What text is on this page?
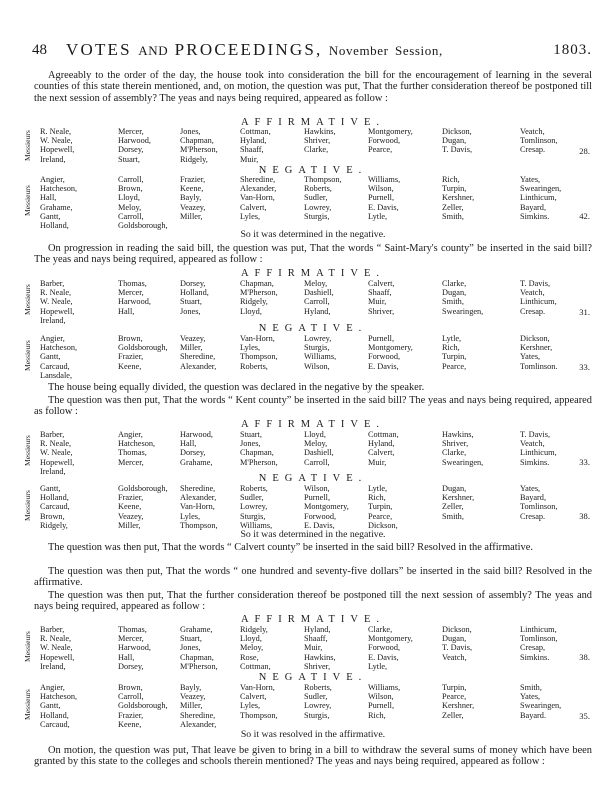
48 VOTES AND PROCEEDINGS, November Session,	1803.

Agreeably to the order of the day, the house took into consideration the bill for the encouragement of learning in the several counties of this state therein mentioned, and, on motion, the question was put, That the further consideration thereof be postponed till the next session of assembly? The yeas and nays being required, appeared as follow :

AFFIRMATIVE.
Messieurs R. Neale,	Mercer,	Jones,	Cottman,	Hawkins,	Montgomery,	Dickson,	Veatch,
W. Neale,	Harwood,	Chapman,	Hyland,	Shriver,	Forwood,	Dugan,	Tomlinson,
Hopewell,	Dorsey,	M'Pherson,	Shaaff,	Clarke,	Pearce,	T. Davis,	Cresap.
Ireland,	Stuart,	Ridgely,	Muir,
28.
NEGATIVE.
Messieurs
Angier,	Carroll,	Frazier,	Sheredine,	Thompson,	Williams,	Rich,	Yates,
Hatcheson,	Brown,	Keene,	Alexander,	Roberts,	Wilson,	Turpin,	Swearingen,
Hall,	Lloyd,	Bayly,	Van-Horn,	Sudler,	Purnell,	Kershner,	Linthicum,
Grahame,	Meloy,	Veazey,	Calvert,	Lowrey,	E. Davis,	Zeller,	Bayard,
Gantt,	Carroll,	Miller,	Lyles,	Sturgis,	Lytle,	Smith,	Simkins.
Holland,	Goldsborough,
42.
So it was determined in the negative.

On progression in reading the said bill, the question was put, That the words “ Saint-Mary's county” be inserted in the said bill? The yeas and nays being required, appeared as follow :

AFFIRMATIVE.
Messieurs
Barber,	Thomas,	Dorsey,	Chapman,	Meloy,	Calvert,	Clarke,	T. Davis,
R. Neale,	Mercer,	Holland,	M'Pherson,	Dashiell,	Shaaff,	Dugan,	Veatch,
W. Neale,	Harwood,	Stuart,	Ridgely,	Carroll,	Muir,	Smith,	Linthicum,
Hopewell,	Hall,	Jones,	Lloyd,	Hyland,	Shriver,	Swearingen,	Cresap.
Ireland,
31.
NEGATIVE.
Messieurs
Angier,	Brown,	Veazey,	Van-Horn,	Lowrey,	Purnell,	Lytle,	Dickson,
Hatcheson,	Goldsborough,	Miller,	Lyles,	Sturgis,	Montgomery,	Rich,	Kershner,
Gantt,	Frazier,	Sheredine,	Thompson,	Williams,	Forwood,	Turpin,	Yates,
Carcaud,	Keene,	Alexander,	Roberts,	Wilson,	E. Davis,	Pearce,	Tomlinson.
Lansdale,
33.

The house being equally divided, the question was declared in the negative by the speaker.

The question was then put, That the words “ Kent county” be inserted in the said bill? The yeas and nays being required, appeared as follow :

AFFIRMATIVE.
Messieurs
Barber,	Angier,	Harwood,	Stuart,	Lloyd,	Cottman,	Hawkins,	T. Davis,
R. Neale,	Hatcheson,	Hall,	Jones,	Meloy,	Hyland,	Shriver,	Veatch,
W. Neale,	Thomas,	Dorsey,	Chapman,	Dashiell,	Calvert,	Clarke,	Linthicum,
Hopewell,	Mercer,	Grahame,	M'Pherson,	Carroll,	Muir,	Swearingen,	Simkins.
Ireland,
33.
NEGATIVE.
Messieurs
Gantt,	Goldsborough,	Sheredine,	Roberts,	Wilson,	Lytle,	Dugan,	Yates,
Holland,	Frazier,	Alexander,	Sudler,	Purnell,	Rich,	Kershner,	Bayard,
Carcaud,	Keene,	Van-Horn,	Lowrey,	Montgomery,	Turpin,	Zeller,	Tomlinson,
Brown,	Veazey,	Lyles,	Sturgis,	Forwood,	Pearce,	Smith,	Cresap.
Ridgely,	Miller,	Thompson,	Williams,	E. Davis,	Dickson,
38.
So it was determined in the negative.

The question was then put, That the words “ Calvert county” be inserted in the said bill? Resolved in the affirmative.

The question was then put, That the words “ one hundred and seventy-five dollars” be inserted in the said bill? Resolved in the affirmative.

The question was then put, That the further consideration thereof be postponed till the next session of assembly? The yeas and nays being required, appeared as follow :

AFFIRMATIVE.
Messieurs
Barber,	Thomas,	Grahame,	Ridgely,	Hyland,	Clarke,	Dickson,	Linthicum,
R. Neale,	Mercer,	Stuart,	Lloyd,	Shaaff,	Montgomery,	Dugan,	Tomlinson,
W. Neale,	Harwood,	Jones,	Meloy,	Muir,	Forwood,	T. Davis,	Cresap,
Hopewell,	Hall,	Chapman,	Rose,	Hawkins,	E. Davis,	Veatch,	Simkins.
Ireland,	Dorsey,	M'Pherson,	Cottman,	Shriver,	Lytle,
38.
NEGATIVE.
Messieurs
Angier,	Brown,	Bayly,	Van-Horn,	Roberts,	Williams,	Turpin,	Smith,
Hatcheson,	Carroll,	Veazey,	Calvert,	Sudler,	Wilson,	Pearce,	Yates,
Gantt,	Goldsborough,	Miller,	Lyles,	Lowrey,	Purnell,	Kershner,	Swearingen,
Holland,	Frazier,	Sheredine,	Thompson,	Sturgis,	Rich,	Zeller,	Bayard.
Carcaud,	Keene,	Alexander,
35.
So it was resolved in the affirmative.

On motion, the question was put, That leave be given to bring in a bill to withdraw the several sums of money which have been granted by this state to the colleges and schools therein mentioned? The yeas and nays being required, appeared as follow :
